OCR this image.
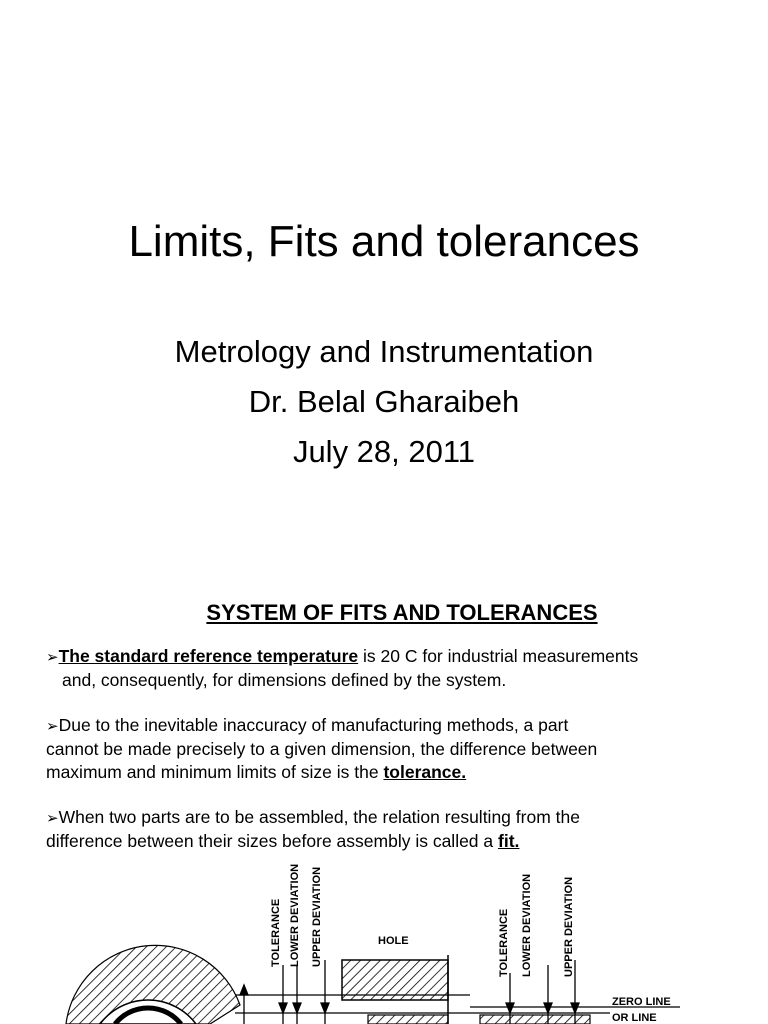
Limits, Fits and tolerances
Metrology and Instrumentation
Dr. Belal Gharaibeh
July 28, 2011
SYSTEM OF FITS AND TOLERANCES
➢The standard reference temperature is 20 C for industrial measurements
and, consequently, for dimensions defined by the system.
➢Due to the inevitable inaccuracy of manufacturing methods, a part
cannot be made precisely to a given dimension, the difference between
maximum and minimum limits of size is the tolerance.
➢When two parts are to be assembled, the relation resulting from the
difference between their sizes before assembly is called a fit.
TOLERANCE LOWER DEVIATION UPPER DEVIATION	HOLE	TOLERANCE LOWER DEVIATION	UPPER DEVIATION
ZERO LINE
OR LINE
